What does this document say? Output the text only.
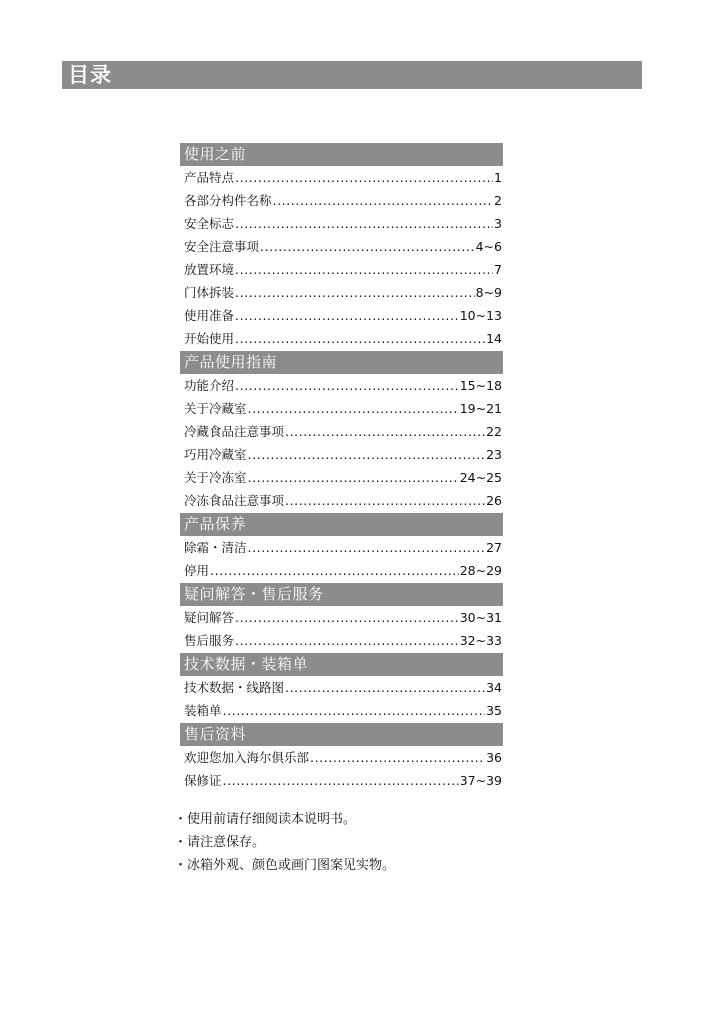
目录
使用之前
产品特点 .....	1
各部分构件名称 .....	2
安全标志 .....	3
安全注意事项 .....	4~6
放置环境 .....	7
门体拆装 .....	8~9
使用准备 .....	10~13
开始使用 .....	14
产品使用指南
功能介绍 .....	15~18
关于冷藏室 .....	19~21
冷藏食品注意事项 .....	22
巧用冷藏室 .....	23
关于冷冻室 .....	24~25
冷冻食品注意事项 .....	26
产品保养
除霜・清洁 .....	27
停用 .....	28~29
疑问解答・售后服务
疑问解答 .....	30~31
售后服务 .....	32~33
技术数据・装箱单
技术数据・线路图 .....	34
装箱单 .....	35
售后资料
欢迎您加入海尔俱乐部 .....	36
保修证 .....	37~39
・使用前请仔细阅读本说明书。
・请注意保存。
・冰箱外观、颜色或画门图案见实物。
